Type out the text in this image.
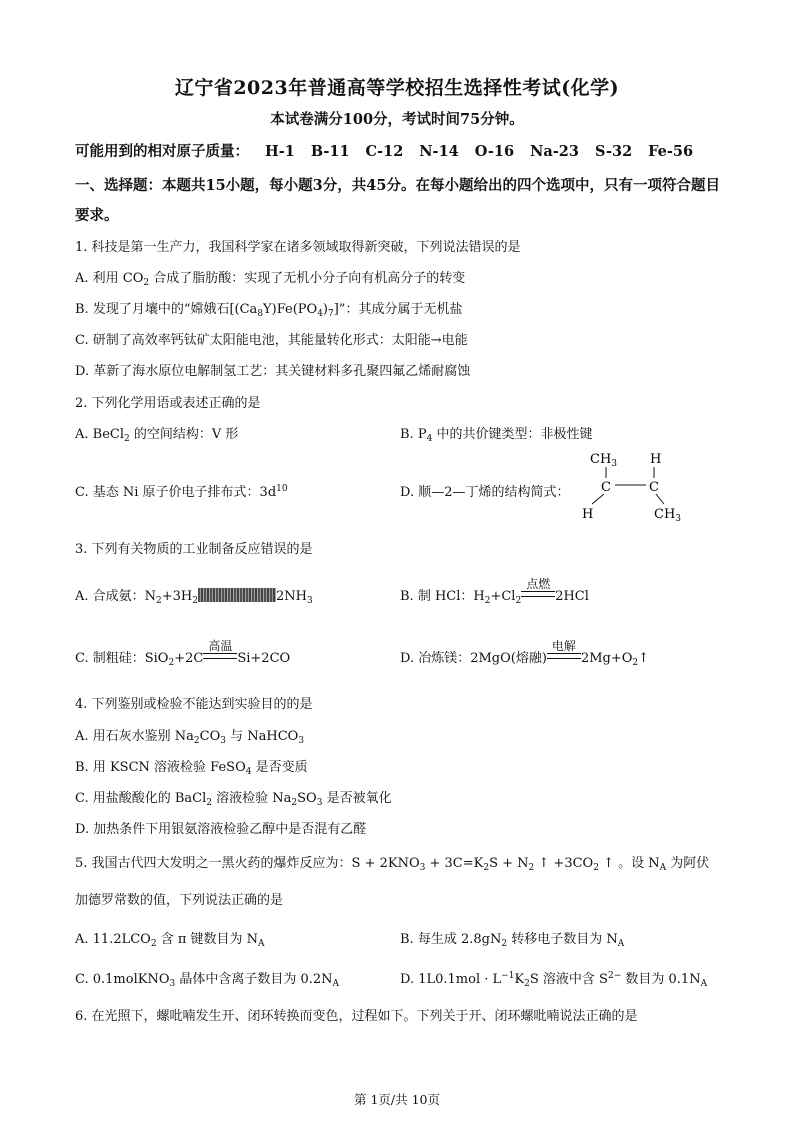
辽宁省2023年普通高等学校招生选择性考试(化学)
本试卷满分100分，考试时间75分钟。
可能用到的相对原子质量： H-1 B-11 C-12 N-14 O-16 Na-23 S-32 Fe-56
一、选择题：本题共15小题，每小题3分，共45分。在每小题给出的四个选项中，只有一项符合题目要求。
1. 科技是第一生产力，我国科学家在诸多领域取得新突破，下列说法错误的是
A. 利用 $CO_2$ 合成了脂肪酸：实现了无机小分子向有机高分子的转变
B. 发现了月壤中的“嫦娥石$[(Ca_8Y)Fe(PO_4)_7]$”：其成分属于无机盐
C. 研制了高效率钙钛矿太阳能电池，其能量转化形式：太阳能→电能
D. 革新了海水原位电解制氢工艺：其关键材料多孔聚四氟乙烯耐腐蚀
2. 下列化学用语或表述正确的是
A. BeCl$_2$ 的空间结构：V 形	B. $P_4$ 中的共价键类型：非极性键
C. 基态 Ni 原子价电子排布式：$3d^{10}$	D. 顺—2—丁烯的结构简式：
$CH_3$	H
C	C
H	$CH_3$
3. 下列有关物质的工业制备反应错误的是
A. 合成氨：$N_2+3H_2$	$2NH_3$	B. 制 HCl：$H_2+Cl_2$
点燃
2HCl
C. 制粗硅：SiO$_2$+2C
高温
Si+2CO	D. 冶炼镁：2MgO(熔融)
电解
$2Mg+O_2↑$
4. 下列鉴别或检验不能达到实验目的的是
A. 用石灰水鉴别 $Na_2CO_3$ 与 NaHCO$_3$
B. 用 KSCN 溶液检验 FeSO$_4$ 是否变质
C. 用盐酸酸化的 BaCl$_2$ 溶液检验 $Na_2SO_3$ 是否被氧化
D. 加热条件下用银氨溶液检验乙醇中是否混有乙醛
5. 我国古代四大发明之一黑火药的爆炸反应为：$S + 2KNO_3 + 3C=K_2S + N_2$ ↑ $+3CO_2$ ↑ 。设 $N_A$ 为阿伏
加德罗常数的值，下列说法正确的是
A. $11.2LCO_2$ 含 π 键数目为 $N_A$	B. 每生成 $2.8gN_2$ 转移电子数目为 $N_A$
C. 0.1molKNO$_3$ 晶体中含离子数目为 $0.2N_A$	D. $1L0.1mol \cdot L^{-1}K_2S$ 溶液中含 $S^{2-}$ 数目为 $0.1N_A$
6. 在光照下，螺吡喃发生开、闭环转换而变色，过程如下。下列关于开、闭环螺吡喃说法正确的是
第 1页/共 10页
